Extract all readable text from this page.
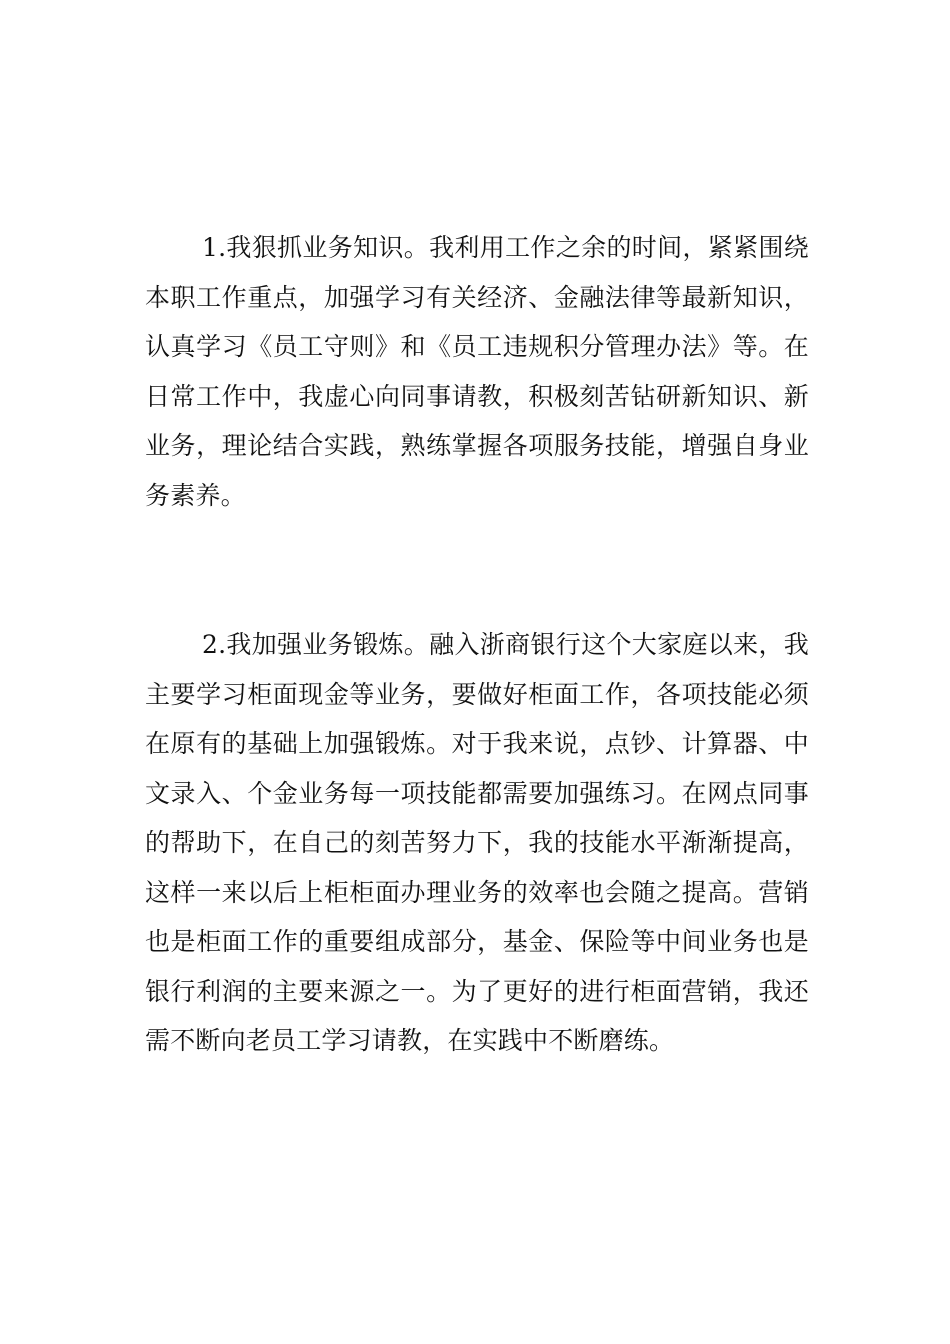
1.我狠抓业务知识。我利用工作之余的时间，紧紧围绕本职工作重点，加强学习有关经济、金融法律等最新知识，认真学习《员工守则》和《员工违规积分管理办法》等。在日常工作中，我虚心向同事请教，积极刻苦钻研新知识、新业务，理论结合实践，熟练掌握各项服务技能，增强自身业务素养。

2.我加强业务锻炼。融入浙商银行这个大家庭以来，我主要学习柜面现金等业务，要做好柜面工作，各项技能必须在原有的基础上加强锻炼。对于我来说，点钞、计算器、中文录入、个金业务每一项技能都需要加强练习。在网点同事的帮助下，在自己的刻苦努力下，我的技能水平渐渐提高，这样一来以后上柜柜面办理业务的效率也会随之提高。营销也是柜面工作的重要组成部分，基金、保险等中间业务也是银行利润的主要来源之一。为了更好的进行柜面营销，我还需不断向老员工学习请教，在实践中不断磨练。
